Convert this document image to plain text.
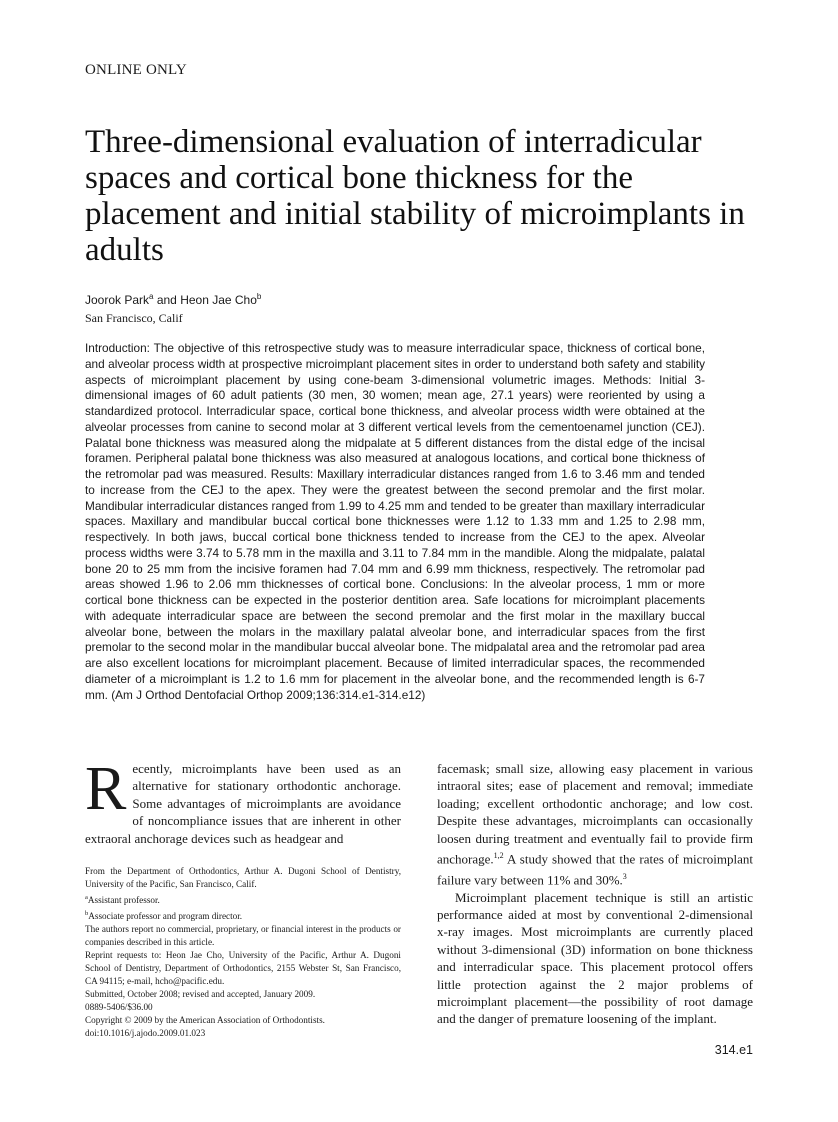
ONLINE ONLY
Three-dimensional evaluation of interradicular spaces and cortical bone thickness for the placement and initial stability of microimplants in adults
Joorok Park$^a$ and Heon Jae Cho$^b$
San Francisco, Calif

Introduction: The objective of this retrospective study was to measure interradicular space, thickness of cortical bone, and alveolar process width at prospective microimplant placement sites in order to understand both safety and stability aspects of microimplant placement by using cone-beam 3-dimensional volumetric images. Methods: Initial 3-dimensional images of 60 adult patients (30 men, 30 women; mean age, 27.1 years) were reoriented by using a standardized protocol. Interradicular space, cortical bone thickness, and alveolar process width were obtained at the alveolar processes from canine to second molar at 3 different vertical levels from the cementoenamel junction (CEJ). Palatal bone thickness was measured along the midpalate at 5 different distances from the distal edge of the incisal foramen. Peripheral palatal bone thickness was also measured at analogous locations, and cortical bone thickness of the retromolar pad was measured. Results: Maxillary interradicular distances ranged from 1.6 to 3.46 mm and tended to increase from the CEJ to the apex. They were the greatest between the second premolar and the first molar. Mandibular interradicular distances ranged from 1.99 to 4.25 mm and tended to be greater than maxillary interradicular spaces. Maxillary and mandibular buccal cortical bone thicknesses were 1.12 to 1.33 mm and 1.25 to 2.98 mm, respectively. In both jaws, buccal cortical bone thickness tended to increase from the CEJ to the apex. Alveolar process widths were 3.74 to 5.78 mm in the maxilla and 3.11 to 7.84 mm in the mandible. Along the midpalate, palatal bone 20 to 25 mm from the incisive foramen had 7.04 mm and 6.99 mm thickness, respectively. The retromolar pad areas showed 1.96 to 2.06 mm thicknesses of cortical bone. Conclusions: In the alveolar process, 1 mm or more cortical bone thickness can be expected in the posterior dentition area. Safe locations for microimplant placements with adequate interradicular space are between the second premolar and the first molar in the maxillary buccal alveolar bone, between the molars in the maxillary palatal alveolar bone, and interradicular spaces from the first premolar to the second molar in the mandibular buccal alveolar bone. The midpalatal area and the retromolar pad area are also excellent locations for microimplant placement. Because of limited interradicular spaces, the recommended diameter of a microimplant is 1.2 to 1.6 mm for placement in the alveolar bone, and the recommended length is 6-7 mm. (Am J Orthod Dentofacial Orthop 2009;136:314.e1-314.e12)

Recently, microimplants have been used as an alternative for stationary orthodontic anchorage. Some advantages of microimplants are avoidance of noncompliance issues that are inherent in other extraoral anchorage devices such as headgear and

From the Department of Orthodontics, Arthur A. Dugoni School of Dentistry, University of the Pacific, San Francisco, Calif.
$^a$Assistant professor.
$^b$Associate professor and program director.
The authors report no commercial, proprietary, or financial interest in the products or companies described in this article.
Reprint requests to: Heon Jae Cho, University of the Pacific, Arthur A. Dugoni School of Dentistry, Department of Orthodontics, 2155 Webster St, San Francisco, CA 94115; e-mail, hcho@pacific.edu.
Submitted, October 2008; revised and accepted, January 2009.
0889-5406/$36.00
Copyright © 2009 by the American Association of Orthodontists.
doi:10.1016/j.ajodo.2009.01.023

facemask; small size, allowing easy placement in various intraoral sites; ease of placement and removal; immediate loading; excellent orthodontic anchorage; and low cost. Despite these advantages, microimplants can occasionally loosen during treatment and eventually fail to provide firm anchorage.$^{1,2}$ A study showed that the rates of microimplant failure vary between 11% and 30%.$^3$

Microimplant placement technique is still an artistic performance aided at most by conventional 2-dimensional x-ray images. Most microimplants are currently placed without 3-dimensional (3D) information on bone thickness and interradicular space. This placement protocol offers little protection against the 2 major problems of microimplant placement—the possibility of root damage and the danger of premature loosening of the implant.

314.e1
